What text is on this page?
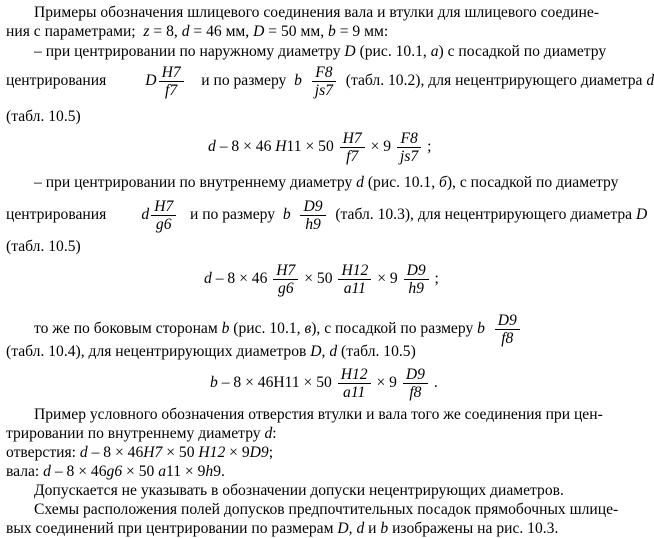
Примеры обозначения шлицевого соединения вала и втулки для шлицевого соедине-
ния с параметрами; z = 8, d = 46 мм, D = 50 мм, b = 9 мм:
– при центрировании по наружному диаметру D (рис. 10.1, а) с посадкой по диаметру
центрирования          D $\frac{H7}{f7}$ и по размеру  b $\frac{F8}{js7}$ (табл. 10.2), для нецентрирующего диаметра d
(табл. 10.5)
d – 8 × 46 $H11 \times 50 \frac{H7}{f7} \times 9 \frac{F8}{js7}$ ;
– при центрировании по внутреннему диаметру d (рис. 10.1, б), с посадкой по диаметру
центрирования         d $\frac{H7}{g6}$ и по размеру  b $\frac{D9}{h9}$ (табл. 10.3), для нецентрирующего диаметра D
(табл. 10.5)
$d - 8 \times 46 \frac{H7}{g6} \times 50 \frac{H12}{a11} \times 9 \frac{D9}{h9}$ ;
то же по боковым сторонам b (рис. 10.1, в), с посадкой по размеру b $\frac{D9}{f8}$
(табл. 10.4), для нецентрирующих диаметров D, d (табл. 10.5)
$b - 8 \times 46H11 \times 50 \frac{H12}{a11} \times 9 \frac{D9}{f8}$ .
Пример условного обозначения отверстия втулки и вала того же соединения при цен-
трировании по внутреннему диаметру d:
отверстия: d – 8 × 46H7 × 50 H12 × 9D9;
вала: d – 8 × 46g6 × 50 a11 × 9h9.
Допускается не указывать в обозначении допуски нецентрирующих диаметров.
Схемы расположения полей допусков предпочтительных посадок прямобочных шлице-
вых соединений при центрировании по размерам D, d и b изображены на рис. 10.3.
